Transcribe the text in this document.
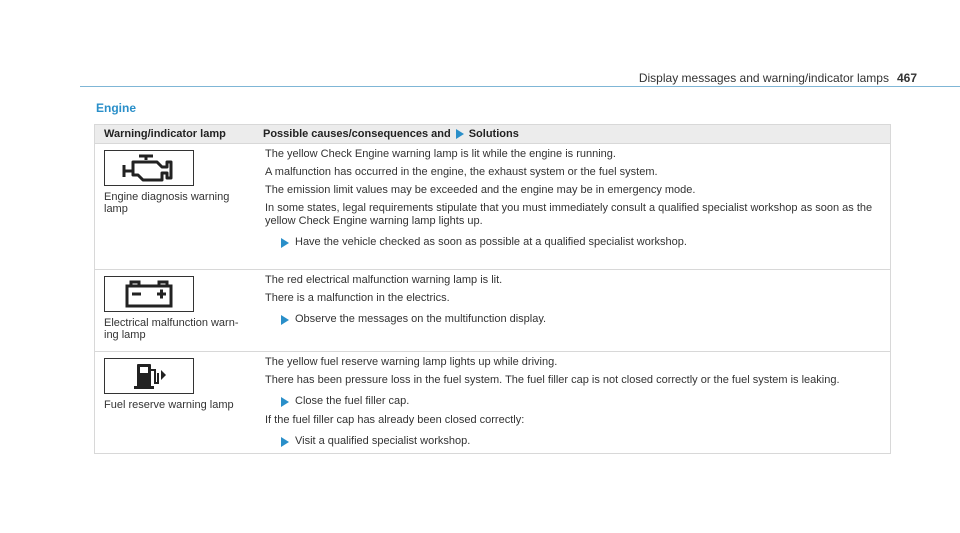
Display messages and warning/indicator lamps 467
Engine
Warning/indicator lamp	Possible causes/consequences and Solutions
Engine diagnosis warning lamp

The yellow Check Engine warning lamp is lit while the engine is running.

A malfunction has occurred in the engine, the exhaust system or the fuel system.

The emission limit values may be exceeded and the engine may be in emergency mode.

In some states, legal requirements stipulate that you must immediately consult a qualified specialist workshop as soon as the yellow Check Engine warning lamp lights up.

Have the vehicle checked as soon as possible at a qualified specialist workshop.
Electrical malfunction warn-ing lamp

The red electrical malfunction warning lamp is lit.

There is a malfunction in the electrics.

Observe the messages on the multifunction display.
Fuel reserve warning lamp

The yellow fuel reserve warning lamp lights up while driving.

There has been pressure loss in the fuel system. The fuel filler cap is not closed correctly or the fuel system is leaking.

Close the fuel filler cap.

If the fuel filler cap has already been closed correctly:

Visit a qualified specialist workshop.
